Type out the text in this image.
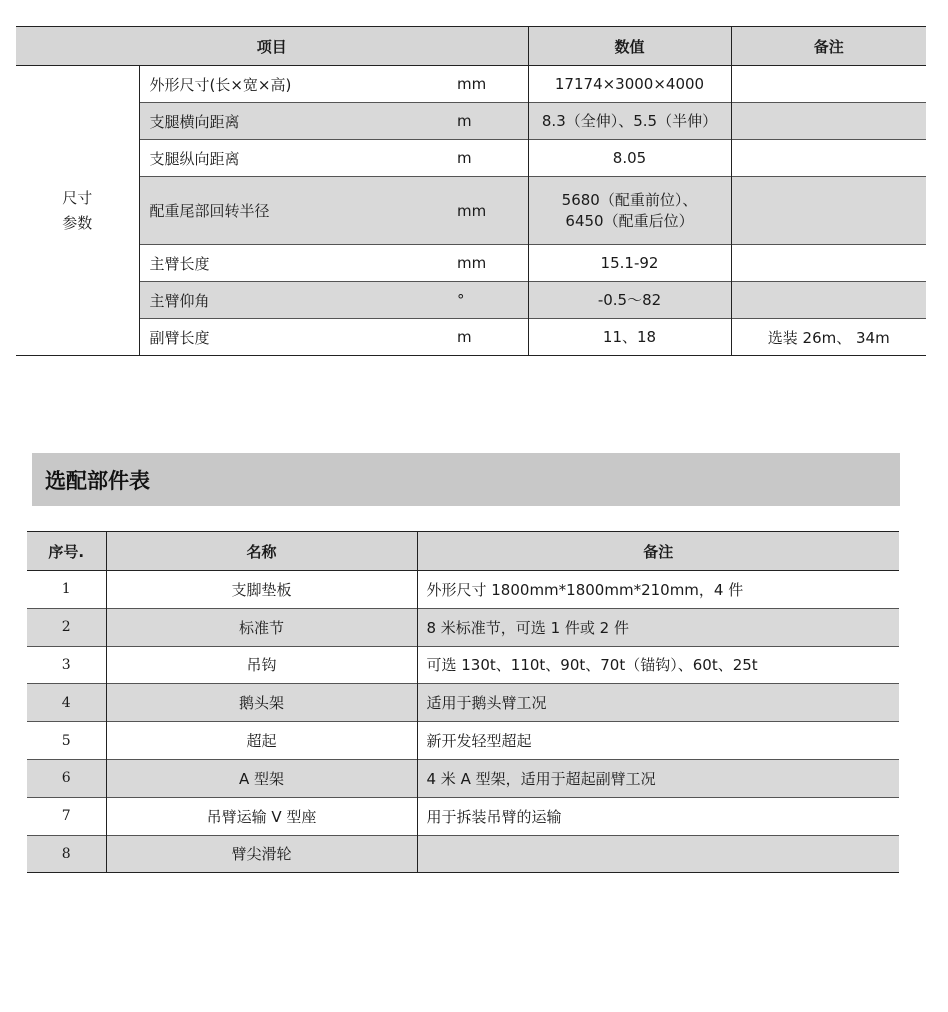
项目			数值	备注

尺寸
参数	外形尺寸(长×宽×高)	mm	17174×3000×4000	
	支腿横向距离	m	8.3（全伸）、5.5（半伸）	
	支腿纵向距离	m	8.05	
	配重尾部回转半径	mm	5680（配重前位）、
6450（配重后位）	

	主臂长度	mm	15.1-92	
	主臂仰角	°	-0.5～82	
	副臂长度	m	11、18	选装 26m、 34m
选配部件表
序号.	名称	备注
1	支脚垫板	外形尺寸 1800mm*1800mm*210mm，4 件
2	标准节	8 米标准节，可选 1 件或 2 件
3	吊钩	可选 130t、110t、90t、70t（锚钩）、60t、25t
4	鹅头架	适用于鹅头臂工况
5	超起	新开发轻型超起
6	A 型架	4 米 A 型架，适用于超起副臂工况
7	吊臂运输 V 型座	用于拆装吊臂的运输
8	臂尖滑轮	
